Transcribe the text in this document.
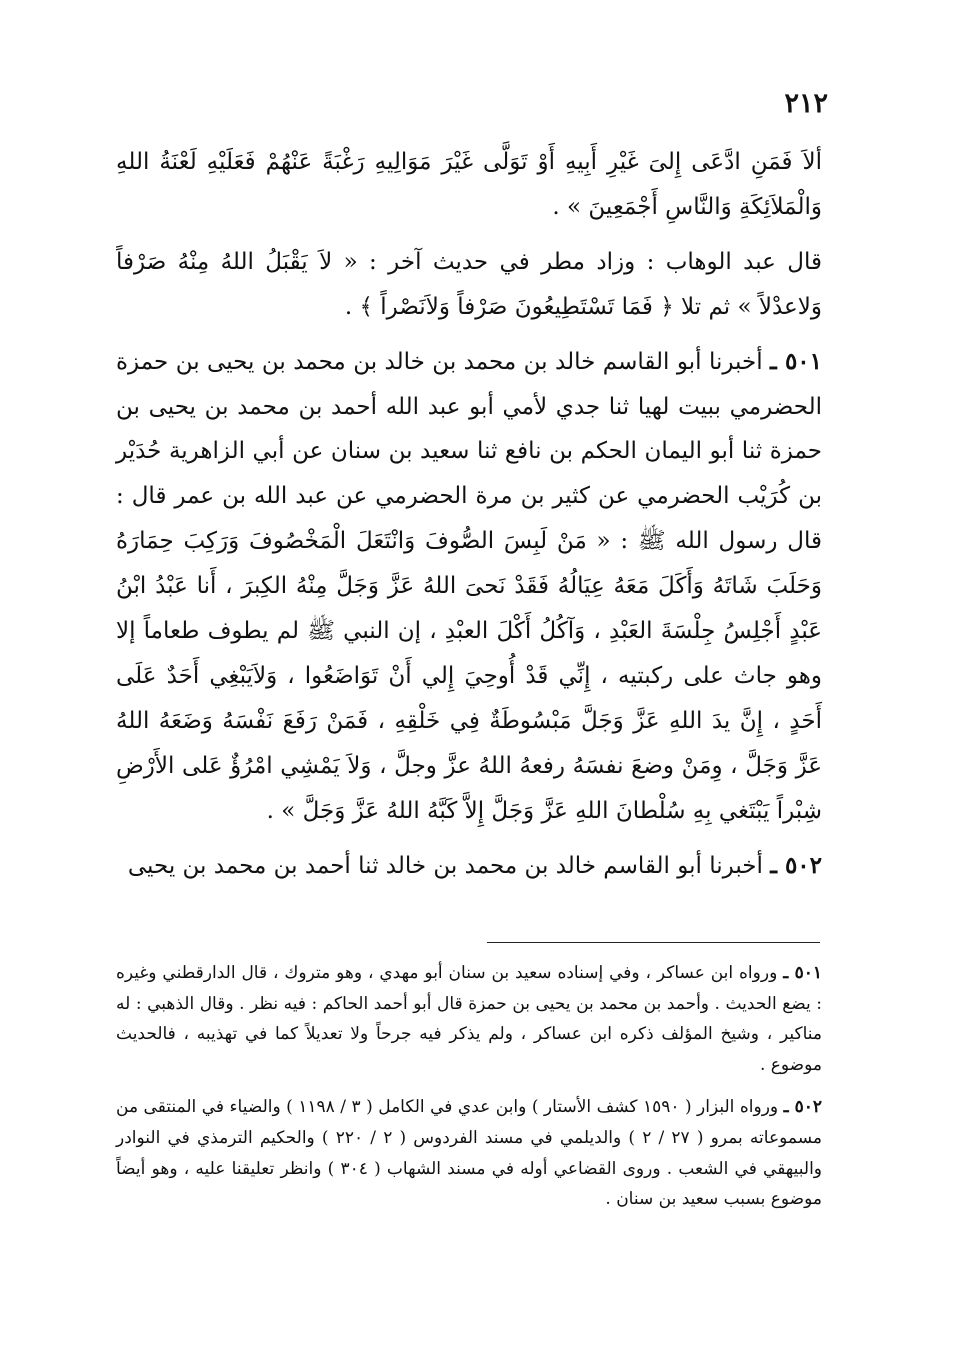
٢١٢

ألاَ فَمَنِ ادَّعَى إِلىَ غَيْرِ أَبِيهِ أَوْ تَوَلَّى غَيْرَ مَوَالِيهِ رَغْبَةً عَنْهُمْ فَعَلَيْهِ لَعْنَةُ اللهِ وَالْمَلاَئِكَةِ وَالنَّاسِ أَجْمَعِينَ » .

قال عبد الوهاب : وزاد مطر في حديث آخر : « لاَ يَقْبَلُ اللهُ مِنْهُ صَرْفاً وَلاعدْلاً » ثم تلا ﴿ فَمَا تَسْتَطِيعُونَ صَرْفاً وَلاَنَصْراً ﴾ .

٥٠١ ـ أخبرنا أبو القاسم خالد بن محمد بن خالد بن محمد بن يحيى بن حمزة الحضرمي ببيت لهيا ثنا جدي لأمي أبو عبد الله أحمد بن محمد بن يحيى بن حمزة ثنا أبو اليمان الحكم بن نافع ثنا سعيد بن سنان عن أبي الزاهرية حُدَيْر بن كُرَيْب الحضرمي عن كثير بن مرة الحضرمي عن عبد الله بن عمر قال : قال رسول الله ﷺ : « مَنْ لَبِسَ الصُّوفَ وَانْتَعَلَ الْمَخْصُوفَ وَرَكِبَ حِمَارَهُ وَحَلَبَ شَاتَهُ وَأَكَلَ مَعَهُ عِيَالُهُ فَقَدْ نَحىَ اللهُ عَزَّ وَجَلَّ مِنْهُ الكِبرَ ، أَنا عَبْدُ ابْنُ عَبْدٍ أَجْلِسُ جِلْسَةَ العَبْدِ ، وَآكُلُ أَكْلَ العبْدِ ، إن النبي ﷺ لم يطوف طعاماً إلا وهو جاث على ركبتيه ، إِنِّي قَدْ أُوحِيَ إِلي أَنْ تَوَاضَعُوا ، وَلاَيَبْغِي أَحَدٌ عَلَى أَحَدٍ ، إِنَّ يدَ اللهِ عَزَّ وَجَلَّ مَبْسُوطَةٌ فِي خَلْقِهِ ، فَمَنْ رَفَعَ نَفْسَهُ وَضَعَهُ اللهُ عَزَّ وَجَلَّ ، وِمَنْ وضعَ نفسَهُ رفعهُ اللهُ عزَّ وجلَّ ، وَلاَ يَمْشِي امْرُؤٌ عَلى الأَرْضِ شِبْراً يَبْتَغي بِهِ سُلْطانَ اللهِ عَزَّ وَجَلَّ إِلاَّ كَبَّهُ اللهُ عَزَّ وَجَلَّ » .

٥٠٢ ـ أخبرنا أبو القاسم خالد بن محمد بن خالد ثنا أحمد بن محمد بن يحيى

٥٠١ ـ ورواه ابن عساكر ، وفي إسناده سعيد بن سنان أبو مهدي ، وهو متروك ، قال الدارقطني وغيره : يضع الحديث . وأحمد بن محمد بن يحيى بن حمزة قال أبو أحمد الحاكم : فيه نظر . وقال الذهبي : له مناكير ، وشيخ المؤلف ذكره ابن عساكر ، ولم يذكر فيه جرحاً ولا تعديلاً كما في تهذيبه ، فالحديث موضوع .

٥٠٢ ـ ورواه البزار ( ١٥٩٠ كشف الأستار ) وابن عدي في الكامل ( ٣ / ١١٩٨ ) والضياء في المنتقى من مسموعاته بمرو ( ٢٧ / ٢ ) والديلمي في مسند الفردوس ( ٢ / ٢٢٠ ) والحكيم الترمذي في النوادر والبيهقي في الشعب . وروى القضاعي أوله في مسند الشهاب ( ٣٠٤ ) وانظر تعليقنا عليه ، وهو أيضاً موضوع بسبب سعيد بن سنان .
